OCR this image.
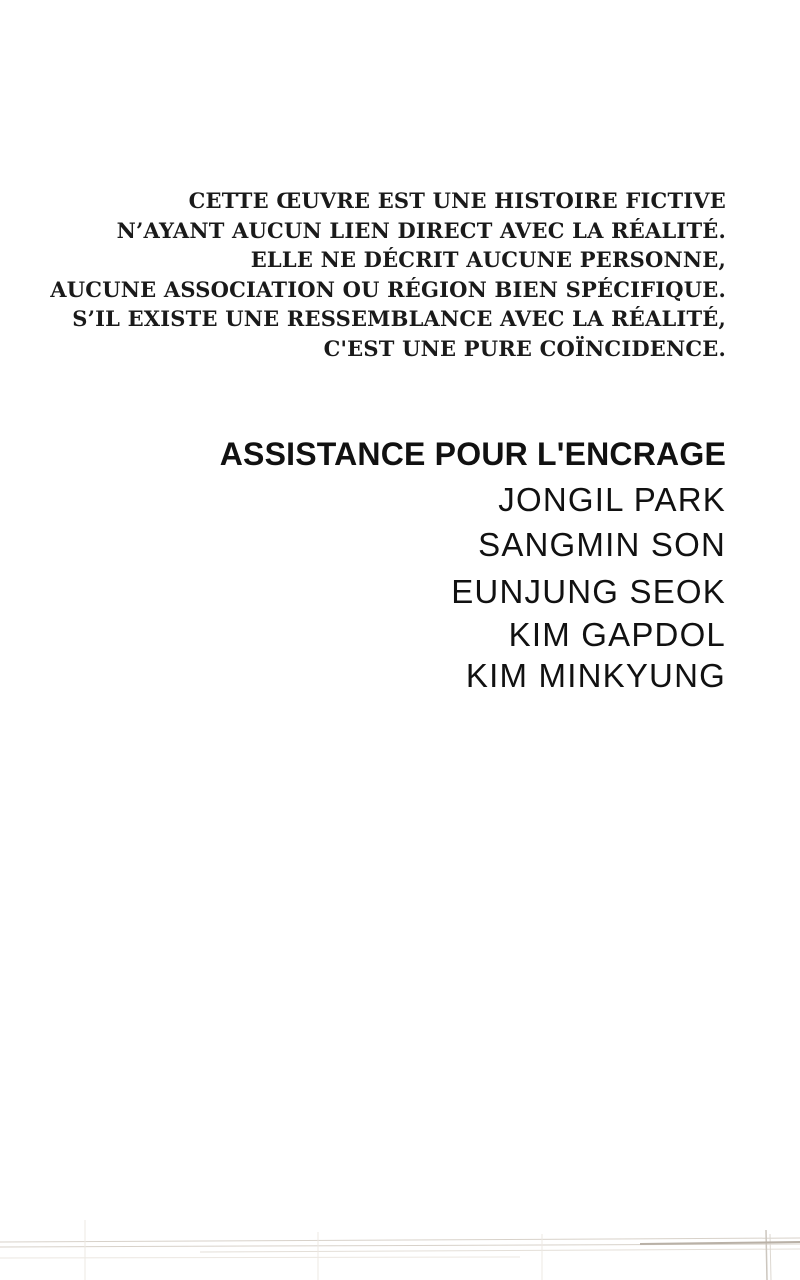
CETTE ŒUVRE EST UNE HISTOIRE FICTIVE
N’AYANT AUCUN LIEN DIRECT AVEC LA RÉALITÉ.
ELLE NE DÉCRIT AUCUNE PERSONNE,
AUCUNE ASSOCIATION OU RÉGION BIEN SPÉCIFIQUE.
S’IL EXISTE UNE RESSEMBLANCE AVEC LA RÉALITÉ,
C'EST UNE PURE COÏNCIDENCE.
ASSISTANCE POUR L'ENCRAGE
JONGIL PARK
SANGMIN SON
EUNJUNG SEOK
KIM GAPDOL
KIM MINKYUNG
